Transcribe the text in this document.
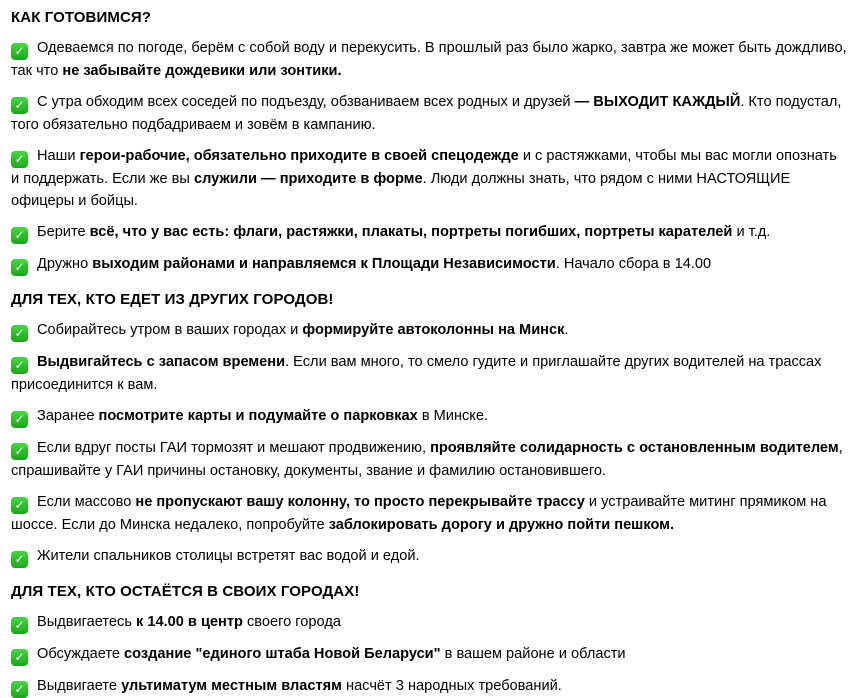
КАК ГОТОВИМСЯ?

✓ Одеваемся по погоде, берём с собой воду и перекусить. В прошлый раз было жарко, завтра же может быть дождливо, так что не забывайте дождевики или зонтики.

✓ С утра обходим всех соседей по подъезду, обзваниваем всех родных и друзей — ВЫХОДИТ КАЖДЫЙ. Кто подустал, того обязательно подбадриваем и зовём в кампанию.

✓ Наши герои-рабочие, обязательно приходите в своей спецодежде и с растяжками, чтобы мы вас могли опознать и поддержать. Если же вы служили — приходите в форме. Люди должны знать, что рядом с ними НАСТОЯЩИЕ офицеры и бойцы.

✓ Берите всё, что у вас есть: флаги, растяжки, плакаты, портреты погибших, портреты карателей и т.д.

✓ Дружно выходим районами и направляемся к Площади Независимости. Начало сбора в 14.00

ДЛЯ ТЕХ, КТО ЕДЕТ ИЗ ДРУГИХ ГОРОДОВ!

✓ Собирайтесь утром в ваших городах и формируйте автоколонны на Минск.

✓ Выдвигайтесь с запасом времени. Если вам много, то смело гудите и приглашайте других водителей на трассах присоединится к вам.

✓ Заранее посмотрите карты и подумайте о парковках в Минске.

✓ Если вдруг посты ГАИ тормозят и мешают продвижению, проявляйте солидарность с остановленным водителем, спрашивайте у ГАИ причины остановку, документы, звание и фамилию остановившего.

✓ Если массово не пропускают вашу колонну, то просто перекрывайте трассу и устраивайте митинг прямиком на шоссе. Если до Минска недалеко, попробуйте заблокировать дорогу и дружно пойти пешком.

✓ Жители спальников столицы встретят вас водой и едой.

ДЛЯ ТЕХ, КТО ОСТАЁТСЯ В СВОИХ ГОРОДАХ!

✓ Выдвигаетесь к 14.00 в центр своего города

✓ Обсуждаете создание "единого штаба Новой Беларуси" в вашем районе и области

✓ Выдвигаете ультиматум местным властям насчёт 3 народных требований.
